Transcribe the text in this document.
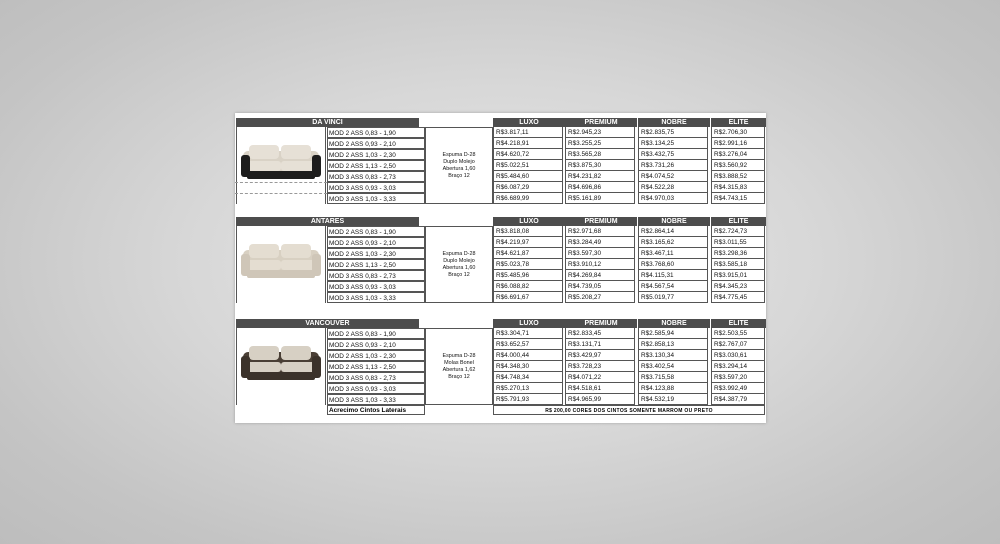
DA VINCI	LUXO	PREMIUM	NOBRE	ELITE
Espuma D-28
Duplo Molejo
Abertura 1,60
Braço 12
MOD 2 ASS 0,83 - 1,90	R$3.817,11	R$2.945,23	R$2.835,75	R$2.706,30
MOD 2 ASS 0,93 - 2,10	R$4.218,91	R$3.255,25	R$3.134,25	R$2.991,16
MOD 2 ASS 1,03 - 2,30	R$4.620,72	R$3.565,28	R$3.432,75	R$3.276,04
MOD 2 ASS 1,13 - 2,50	R$5.022,51	R$3.875,30	R$3.731,26	R$3.560,92
MOD 3 ASS 0,83 - 2,73	R$5.484,60	R$4.231,82	R$4.074,52	R$3.888,52
MOD 3 ASS 0,93 - 3,03	R$6.087,29	R$4.696,86	R$4.522,28	R$4.315,83
MOD 3 ASS 1,03 - 3,33	R$6.689,99	R$5.161,89	R$4.970,03	R$4.743,15
ANTARES	LUXO	PREMIUM	NOBRE	ELITE
Espuma D-28
Duplo Molejo
Abertura 1,60
Braço 12
MOD 2 ASS 0,83 - 1,90	R$3.818,08	R$2.971,68	R$2.864,14	R$2.724,73
MOD 2 ASS 0,93 - 2,10	R$4.219,97	R$3.284,49	R$3.165,62	R$3.011,55
MOD 2 ASS 1,03 - 2,30	R$4.621,87	R$3.597,30	R$3.467,11	R$3.298,36
MOD 2 ASS 1,13 - 2,50	R$5.023,78	R$3.910,12	R$3.768,60	R$3.585,18
MOD 3 ASS 0,83 - 2,73	R$5.485,96	R$4.269,84	R$4.115,31	R$3.915,01
MOD 3 ASS 0,93 - 3,03	R$6.088,82	R$4.739,05	R$4.567,54	R$4.345,23
MOD 3 ASS 1,03 - 3,33	R$6.691,67	R$5.208,27	R$5.019,77	R$4.775,45
VANCOUVER	LUXO	PREMIUM	NOBRE	ELITE
Espuma D-28
Molas Bonel
Abertura 1,62
Braço 12
MOD 2 ASS 0,83 - 1,90	R$3.304,71	R$2.833,45	R$2.585,94	R$2.503,55
MOD 2 ASS 0,93 - 2,10	R$3.652,57	R$3.131,71	R$2.858,13	R$2.767,07
MOD 2 ASS 1,03 - 2,30	R$4.000,44	R$3.429,97	R$3.130,34	R$3.030,61
MOD 2 ASS 1,13 - 2,50	R$4.348,30	R$3.728,23	R$3.402,54	R$3.294,14
MOD 3 ASS 0,83 - 2,73	R$4.748,34	R$4.071,22	R$3.715,58	R$3.597,20
MOD 3 ASS 0,93 - 3,03	R$5.270,13	R$4.518,61	R$4.123,88	R$3.992,49
MOD 3 ASS 1,03 - 3,33	R$5.791,93	R$4.965,99	R$4.532,19	R$4.387,79
Acrecimo Cintos Laterais	R$ 200,00 CORES DOS CINTOS SOMENTE MARROM OU PRETO
